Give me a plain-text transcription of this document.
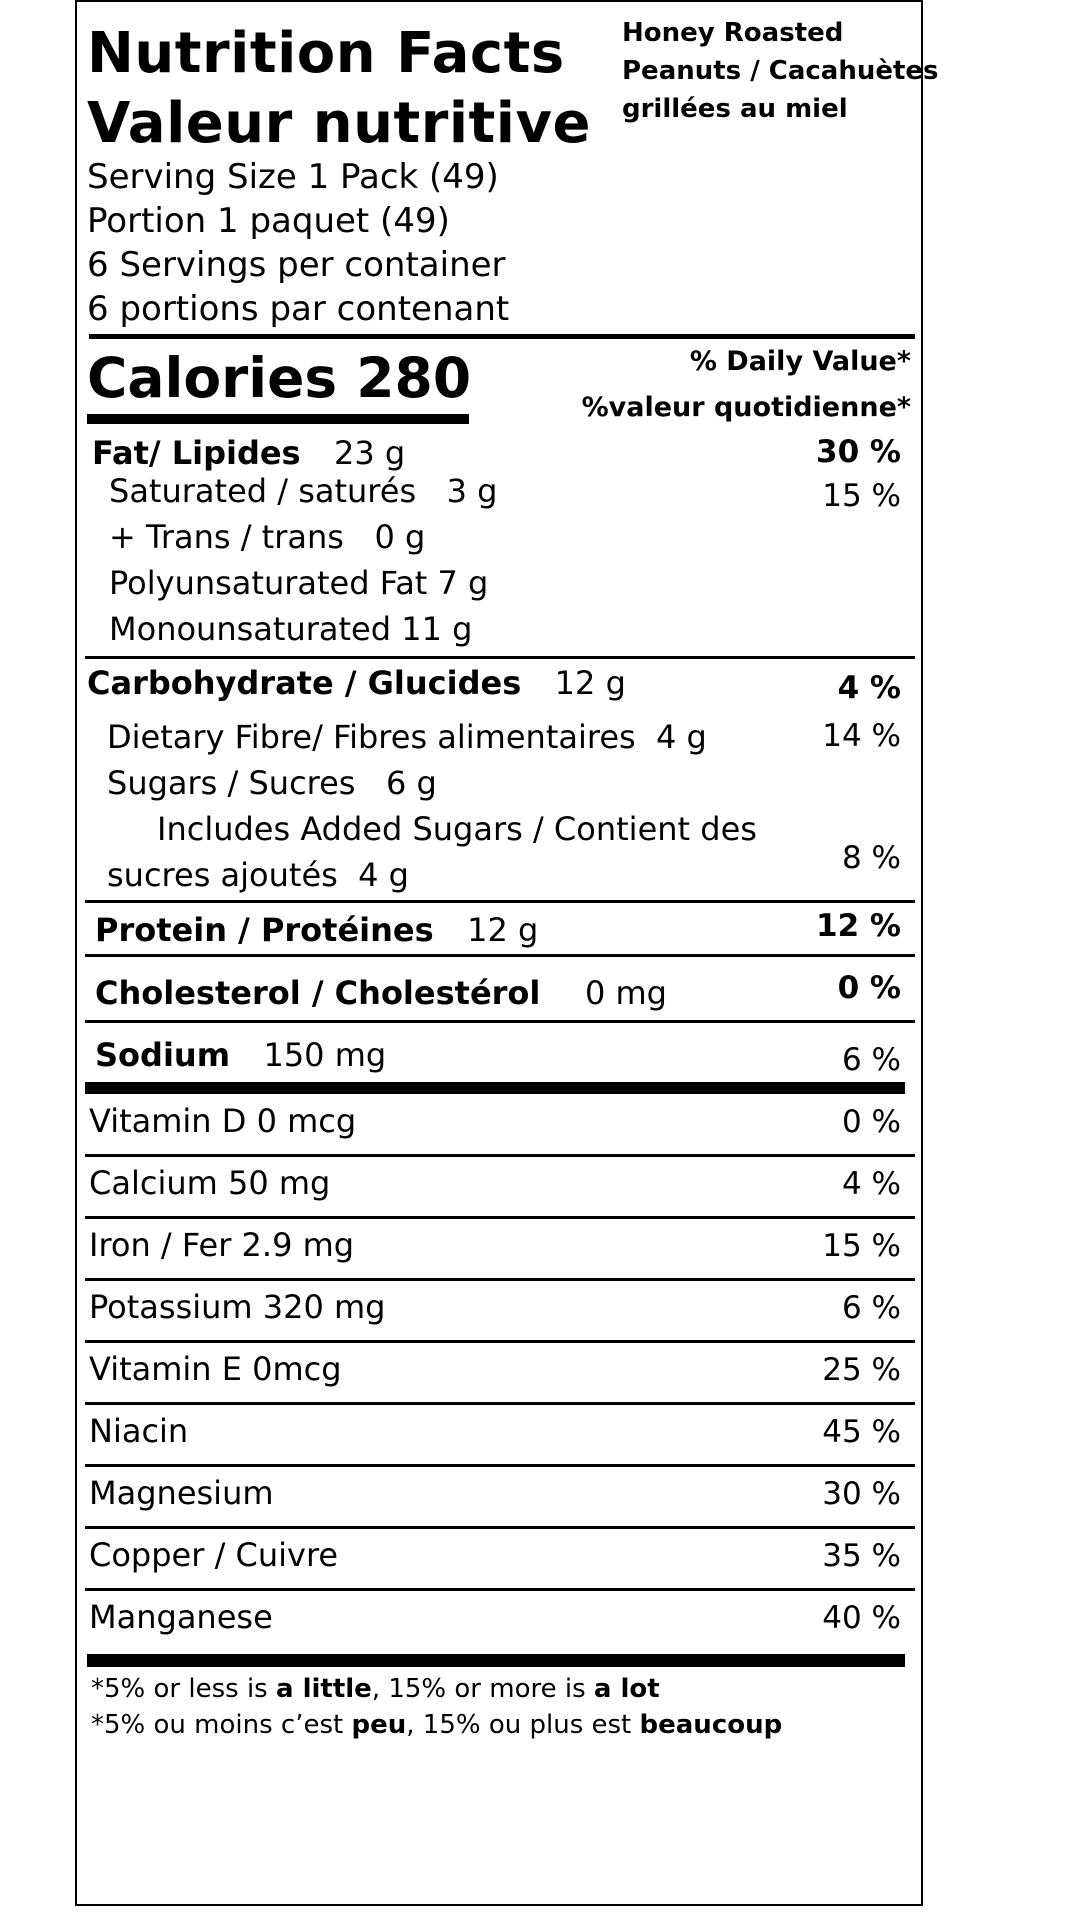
Nutrition Facts
Valeur nutritive
Honey Roasted
Peanuts / Cacahuètes
grillées au miel
Serving Size 1 Pack (49)
Portion 1 paquet (49)
6 Servings per container
6 portions par contenant
Calories 280	% Daily Value*
%valeur quotidienne*
Fat/ Lipides 23 g	30 %
Saturated / saturés 3 g	15 %
+ Trans / trans 0 g
Polyunsaturated Fat 7 g
Monounsaturated 11 g
Carbohydrate / Glucides 12 g	4 %
Dietary Fibre/ Fibres alimentaires 4 g	14 %
Sugars / Sucres 6 g
Includes Added Sugars / Contient des
sucres ajoutés 4 g	8 %
Protein / Protéines 12 g	12 %
Cholesterol / Cholestérol 0 mg	0 %
Sodium 150 mg	6 %
Vitamin D 0 mcg	0 %
Calcium 50 mg	4 %
Iron / Fer 2.9 mg	15 %
Potassium 320 mg	6 %
Vitamin E 0mcg	25 %
Niacin	45 %
Magnesium	30 %
Copper / Cuivre	35 %
Manganese	40 %
*5% or less is a little, 15% or more is a lot
*5% ou moins c’est peu, 15% ou plus est beaucoup
